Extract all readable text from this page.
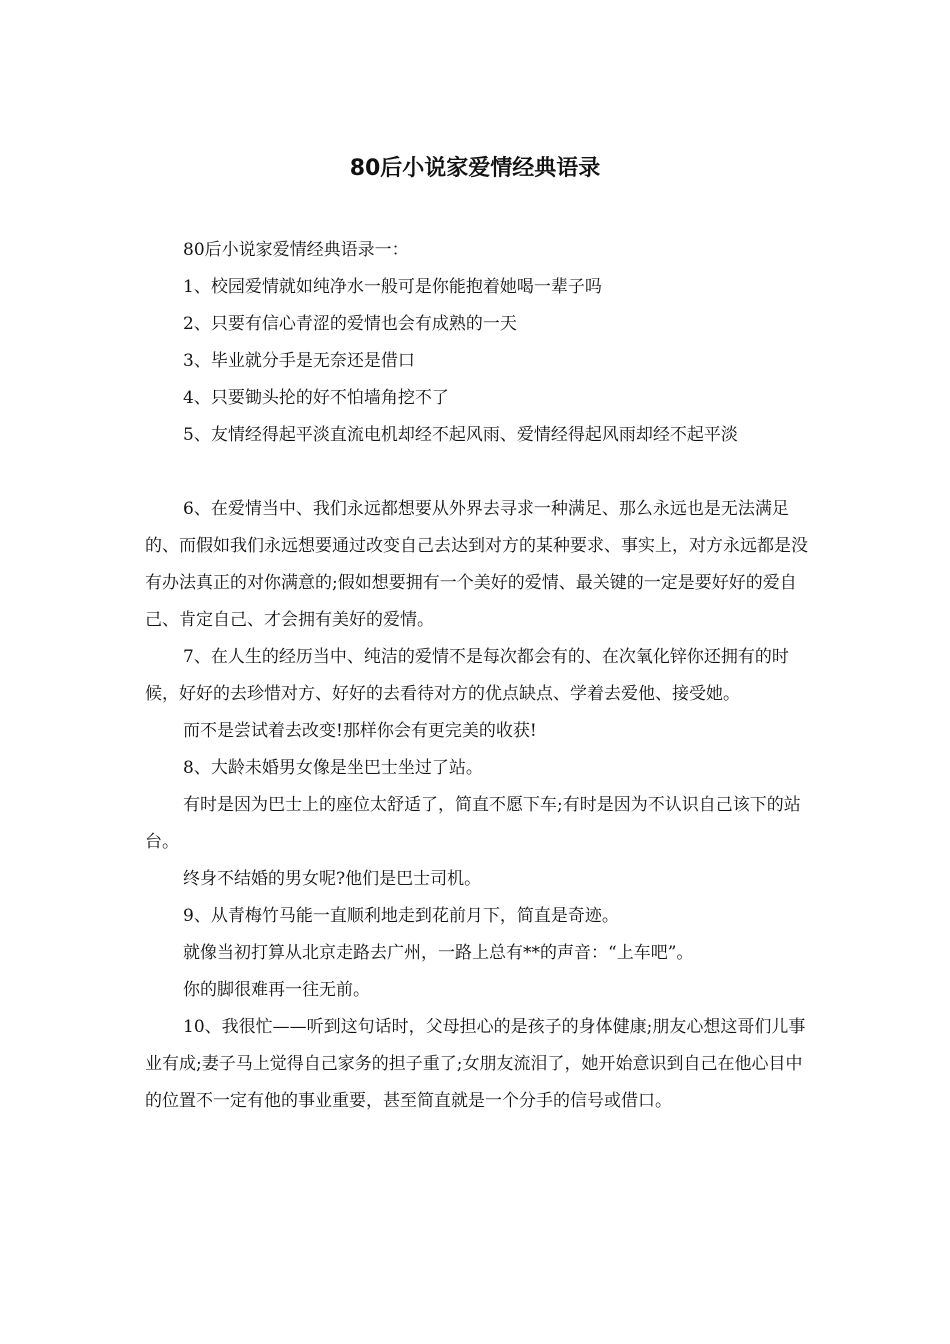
80后小说家爱情经典语录

80后小说家爱情经典语录一：

1、校园爱情就如纯净水一般可是你能抱着她喝一辈子吗

2、只要有信心青涩的爱情也会有成熟的一天

3、毕业就分手是无奈还是借口

4、只要锄头抡的好不怕墙角挖不了

5、友情经得起平淡直流电机却经不起风雨、爱情经得起风雨却经不起平淡

6、在爱情当中、我们永远都想要从外界去寻求一种满足、那么永远也是无法满足的、而假如我们永远想要通过改变自己去达到对方的某种要求、事实上，对方永远都是没有办法真正的对你满意的;假如想要拥有一个美好的爱情、最关键的一定是要好好的爱自己、肯定自己、才会拥有美好的爱情。

7、在人生的经历当中、纯洁的爱情不是每次都会有的、在次氧化锌你还拥有的时候，好好的去珍惜对方、好好的去看待对方的优点缺点、学着去爱他、接受她。

而不是尝试着去改变!那样你会有更完美的收获!

8、大龄未婚男女像是坐巴士坐过了站。

有时是因为巴士上的座位太舒适了，简直不愿下车;有时是因为不认识自己该下的站台。

终身不结婚的男女呢?他们是巴士司机。

9、从青梅竹马能一直顺利地走到花前月下，简直是奇迹。

就像当初打算从北京走路去广州，一路上总有**的声音：“上车吧”。

你的脚很难再一往无前。

10、我很忙——听到这句话时，父母担心的是孩子的身体健康;朋友心想这哥们儿事业有成;妻子马上觉得自己家务的担子重了;女朋友流泪了，她开始意识到自己在他心目中的位置不一定有他的事业重要，甚至简直就是一个分手的信号或借口。
